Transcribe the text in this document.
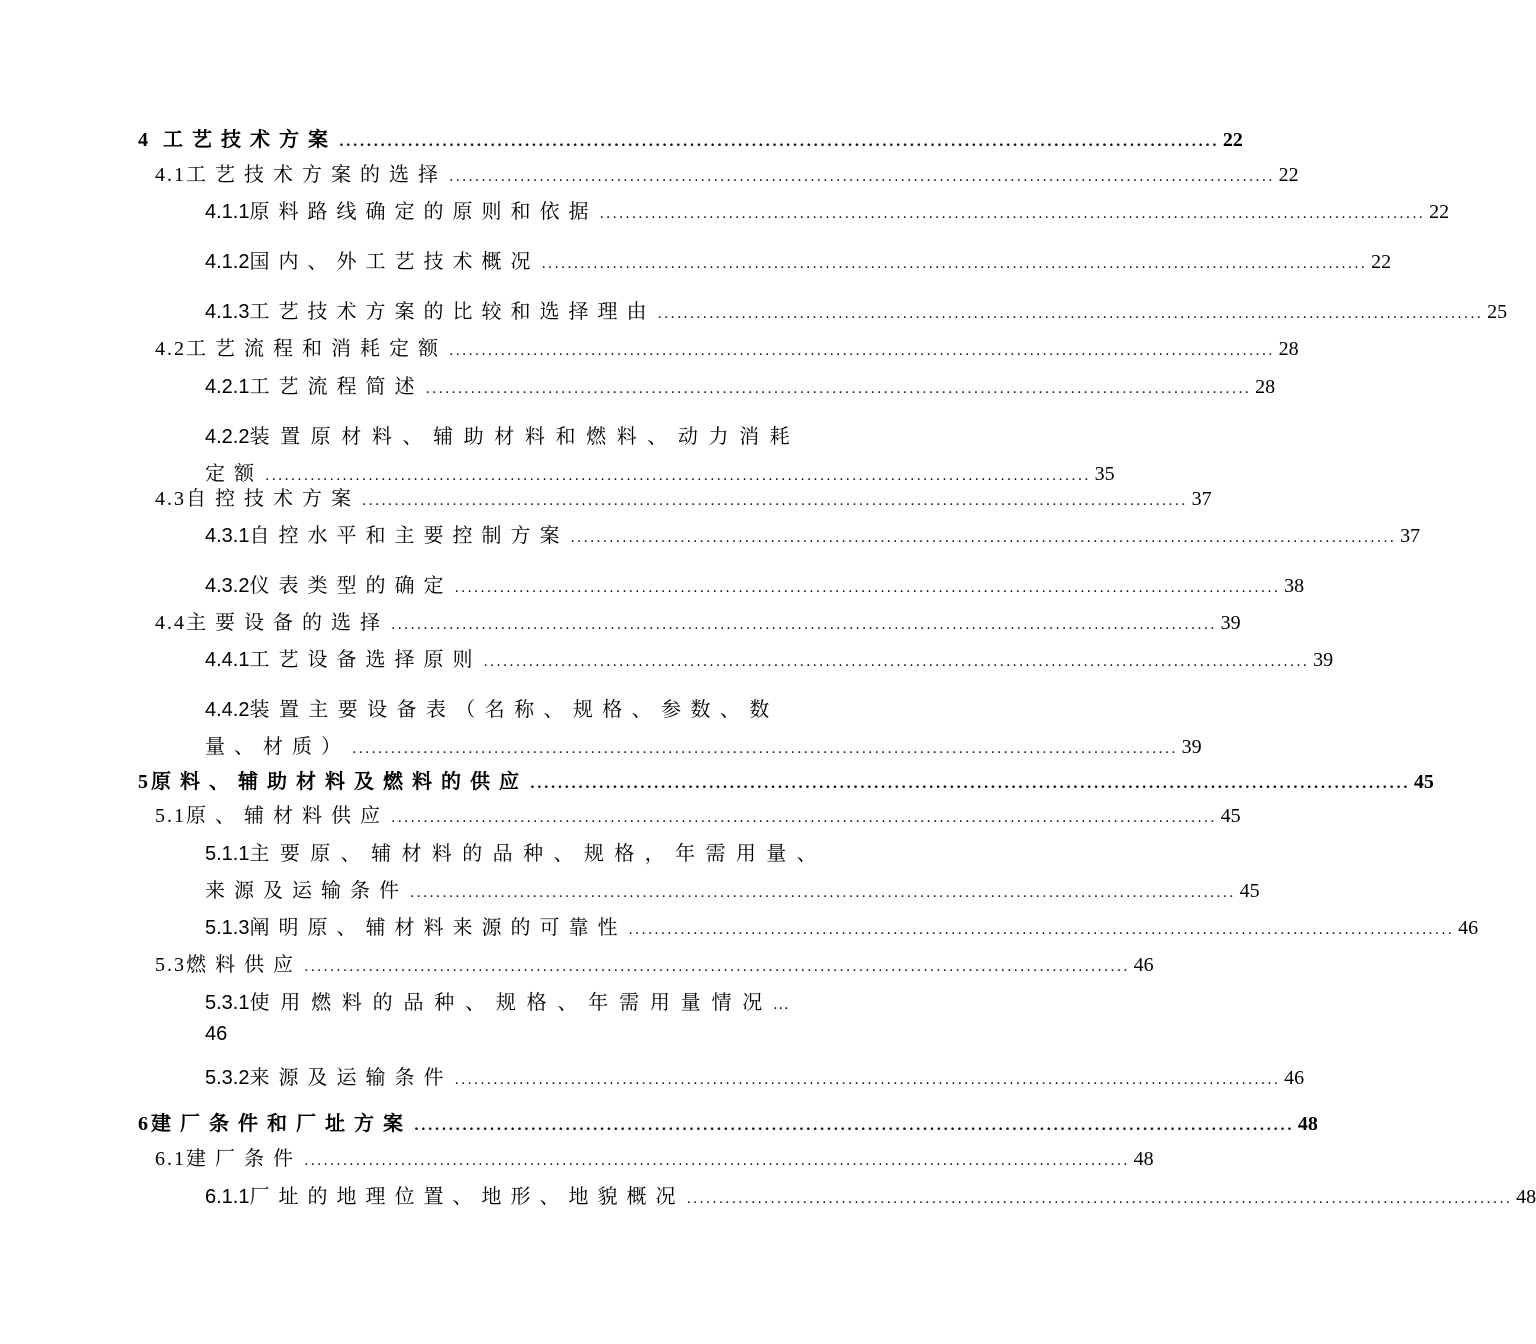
4 工艺技术方案 ................................................................................................................................ 22
4.1 工艺技术方案的选择 ................................................................................................................................ 22
4.1.1 原料路线确定的原则和依据 ................................................................................................................................ 22
4.1.2 国内、外工艺技术概况 ................................................................................................................................ 22
4.1.3 工艺技术方案的比较和选择理由 ................................................................................................................................ 25
4.2 工艺流程和消耗定额 ................................................................................................................................ 28
4.2.1 工艺流程简述 ................................................................................................................................ 28
4.2.2 装置原材料、辅助材料和燃料、动力消耗
定额 ................................................................................................................................ 35
4.3 自控技术方案 ................................................................................................................................ 37
4.3.1 自控水平和主要控制方案 ................................................................................................................................ 37
4.3.2 仪表类型的确定 ................................................................................................................................ 38
4.4 主要设备的选择 ................................................................................................................................ 39
4.4.1 工艺设备选择原则 ................................................................................................................................ 39
4.4.2 装置主要设备表（名称、规格、参数、数
量、材质） ................................................................................................................................ 39
5 原料、辅助材料及燃料的供应 ................................................................................................................................ 45
5.1 原、辅材料供应 ................................................................................................................................ 45
5.1.1 主要原、辅材料的品种、规格，年需用量、
来源及运输条件 ................................................................................................................................ 45
5.1.3 阐明原、辅材料来源的可靠性 ................................................................................................................................ 46
5.3 燃料供应 ................................................................................................................................ 46
5.3.1 使用燃料的品种、规格、年需用量情况 ...
46
5.3.2 来源及运输条件 ................................................................................................................................ 46
6 建厂条件和厂址方案 ................................................................................................................................ 48
6.1 建厂条件 ................................................................................................................................ 48
6.1.1 厂址的地理位置、地形、地貌概况 ................................................................................................................................ 48
